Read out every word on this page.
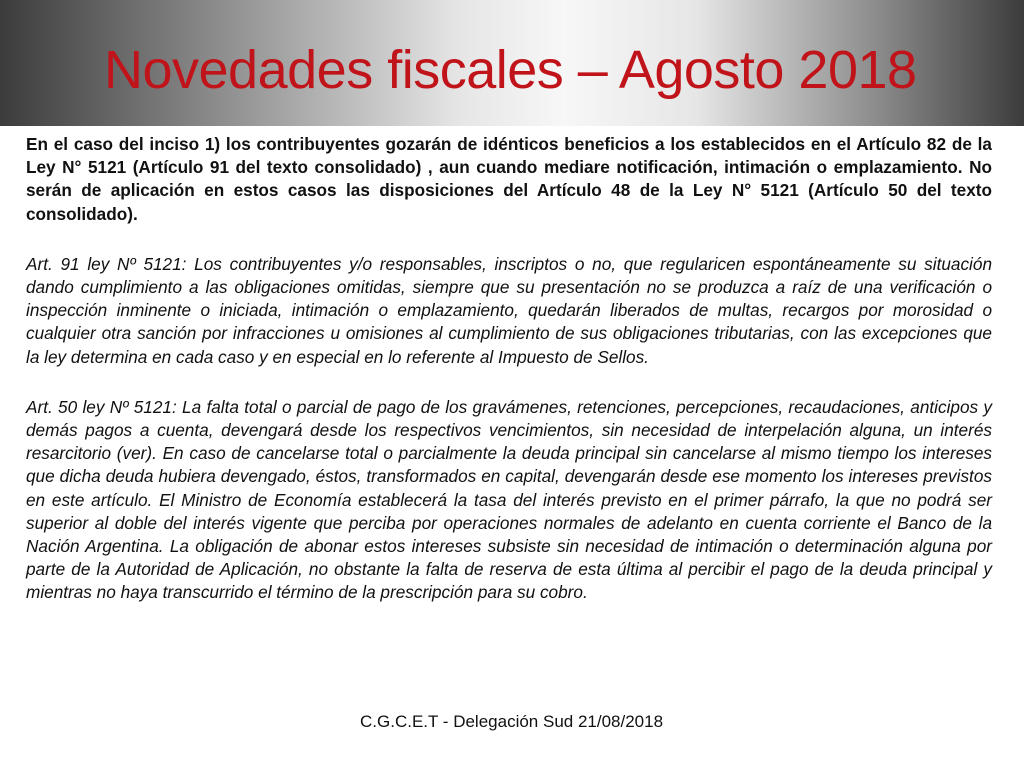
Novedades fiscales – Agosto 2018

En el caso del inciso 1) los contribuyentes gozarán de idénticos beneficios a los establecidos en el Artículo 82 de la Ley N° 5121 (Artículo 91 del texto consolidado) , aun cuando mediare notificación, intimación o emplazamiento. No serán de aplicación en estos casos las disposiciones del Artículo 48 de la Ley N° 5121 (Artículo 50 del texto consolidado).

Art. 91 ley Nº 5121: Los contribuyentes y/o responsables, inscriptos o no, que regularicen espontáneamente su situación dando cumplimiento a las obligaciones omitidas, siempre que su presentación no se produzca a raíz de una verificación o inspección inminente o iniciada, intimación o emplazamiento, quedarán liberados de multas, recargos por morosidad o cualquier otra sanción por infracciones u omisiones al cumplimiento de sus obligaciones tributarias, con las excepciones que la ley determina en cada caso y en especial en lo referente al Impuesto de Sellos.

Art. 50 ley Nº 5121: La falta total o parcial de pago de los gravámenes, retenciones, percepciones, recaudaciones, anticipos y demás pagos a cuenta, devengará desde los respectivos vencimientos, sin necesidad de interpelación alguna, un interés resarcitorio (ver). En caso de cancelarse total o parcialmente la deuda principal sin cancelarse al mismo tiempo los intereses que dicha deuda hubiera devengado, éstos, transformados en capital, devengarán desde ese momento los intereses previstos en este artículo. El Ministro de Economía establecerá la tasa del interés previsto en el primer párrafo, la que no podrá ser superior al doble del interés vigente que perciba por operaciones normales de adelanto en cuenta corriente el Banco de la Nación Argentina. La obligación de abonar estos intereses subsiste sin necesidad de intimación o determinación alguna por parte de la Autoridad de Aplicación, no obstante la falta de reserva de esta última al percibir el pago de la deuda principal y mientras no haya transcurrido el término de la prescripción para su cobro.

C.G.C.E.T - Delegación Sud 21/08/2018
